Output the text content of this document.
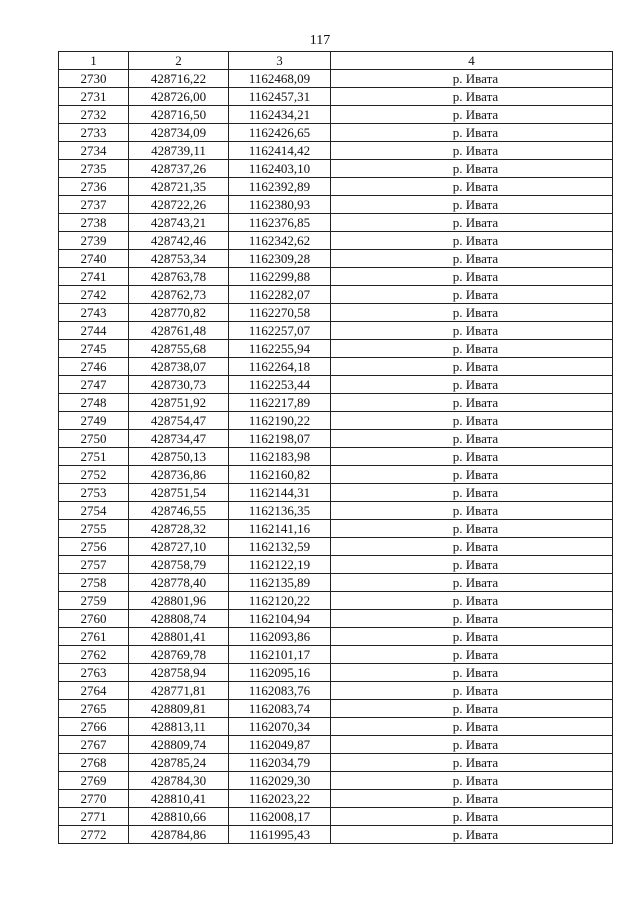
117
1	2	3	4
2730	428716,22	1162468,09	р. Ивата
2731	428726,00	1162457,31	р. Ивата
2732	428716,50	1162434,21	р. Ивата
2733	428734,09	1162426,65	р. Ивата
2734	428739,11	1162414,42	р. Ивата
2735	428737,26	1162403,10	р. Ивата
2736	428721,35	1162392,89	р. Ивата
2737	428722,26	1162380,93	р. Ивата
2738	428743,21	1162376,85	р. Ивата
2739	428742,46	1162342,62	р. Ивата
2740	428753,34	1162309,28	р. Ивата
2741	428763,78	1162299,88	р. Ивата
2742	428762,73	1162282,07	р. Ивата
2743	428770,82	1162270,58	р. Ивата
2744	428761,48	1162257,07	р. Ивата
2745	428755,68	1162255,94	р. Ивата
2746	428738,07	1162264,18	р. Ивата
2747	428730,73	1162253,44	р. Ивата
2748	428751,92	1162217,89	р. Ивата
2749	428754,47	1162190,22	р. Ивата
2750	428734,47	1162198,07	р. Ивата
2751	428750,13	1162183,98	р. Ивата
2752	428736,86	1162160,82	р. Ивата
2753	428751,54	1162144,31	р. Ивата
2754	428746,55	1162136,35	р. Ивата
2755	428728,32	1162141,16	р. Ивата
2756	428727,10	1162132,59	р. Ивата
2757	428758,79	1162122,19	р. Ивата
2758	428778,40	1162135,89	р. Ивата
2759	428801,96	1162120,22	р. Ивата
2760	428808,74	1162104,94	р. Ивата
2761	428801,41	1162093,86	р. Ивата
2762	428769,78	1162101,17	р. Ивата
2763	428758,94	1162095,16	р. Ивата
2764	428771,81	1162083,76	р. Ивата
2765	428809,81	1162083,74	р. Ивата
2766	428813,11	1162070,34	р. Ивата
2767	428809,74	1162049,87	р. Ивата
2768	428785,24	1162034,79	р. Ивата
2769	428784,30	1162029,30	р. Ивата
2770	428810,41	1162023,22	р. Ивата
2771	428810,66	1162008,17	р. Ивата
2772	428784,86	1161995,43	р. Ивата
